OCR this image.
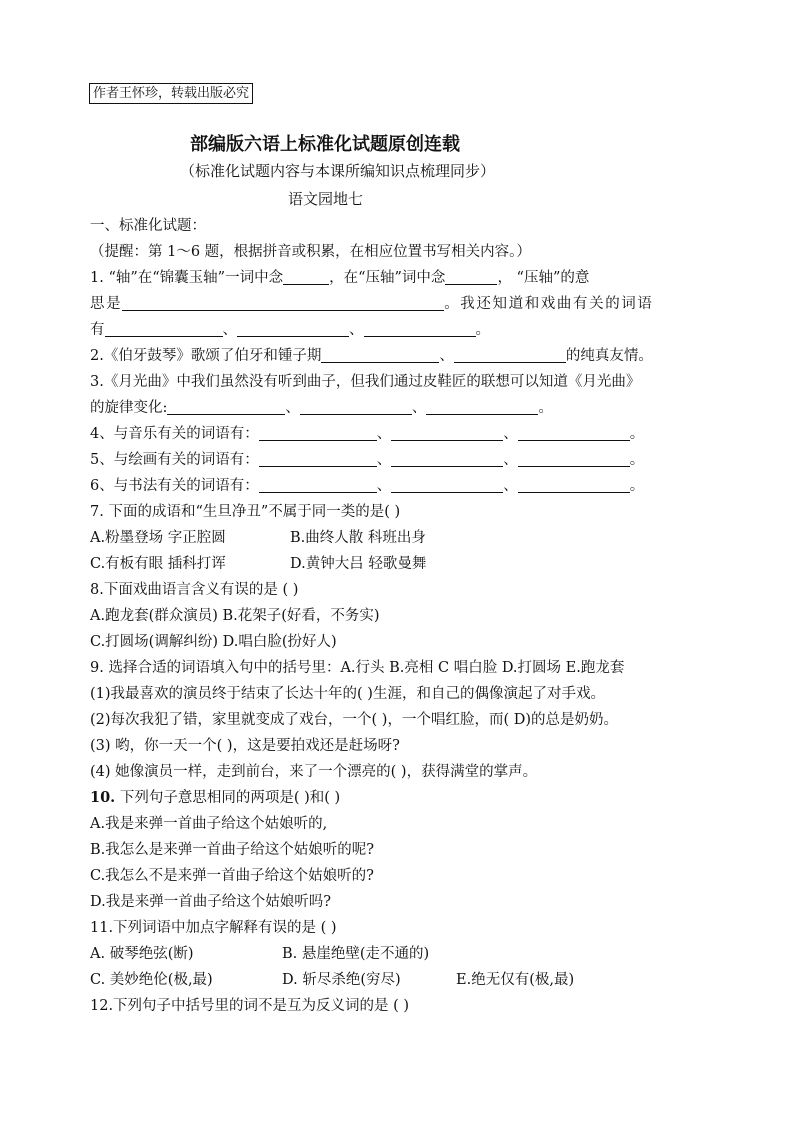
作者王怀珍，转载出版必究
部编版六语上标准化试题原创连载
（标准化试题内容与本课所编知识点梳理同步）
语文园地七
一、标准化试题：
（提醒：第 1～6 题，根据拼音或积累，在相应位置书写相关内容。）
1. “轴”在“锦囊玉轴”一词中念	，在“压轴”词中念	， “压轴”的意
思是	。我还知道和戏曲有关的词语
有	、	、	。
2.《伯牙鼓琴》歌颂了伯牙和锺子期	、	的纯真友情。
3.《月光曲》中我们虽然没有听到曲子，但我们通过皮鞋匠的联想可以知道《月光曲》
的旋律变化:	、	、	。
4、与音乐有关的词语有：	、	、	。
5、与绘画有关的词语有：	、	、	。
6、与书法有关的词语有：	、	、	。
7. 下面的成语和“生旦净丑”不属于同一类的是( )
A.粉墨登场 字正腔圆	B.曲终人散 科班出身
C.有板有眼 插科打诨	D.黄钟大吕 轻歌曼舞
8.下面戏曲语言含义有误的是 ( )
A.跑龙套(群众演员) B.花架子(好看，不务实)
C.打圆场(调解纠纷) D.唱白脸(扮好人)
9. 选择合适的词语填入句中的括号里：A.行头 B.亮相 C 唱白脸 D.打圆场 E.跑龙套
(1)我最喜欢的演员终于结束了长达十年的( )生涯，和自己的偶像演起了对手戏。
(2)每次我犯了错，家里就变成了戏台，一个( )，一个唱红脸，而( D)的总是奶奶。
(3) 哟，你一天一个( )，这是要拍戏还是赶场呀?
(4) 她像演员一样，走到前台，来了一个漂亮的( )，获得满堂的掌声。
10. 下列句子意思相同的两项是( )和( )
A.我是来弹一首曲子给这个姑娘听的,
B.我怎么是来弹一首曲子给这个姑娘听的呢?
C.我怎么不是来弹一首曲子给这个姑娘听的?
D.我是来弹一首曲子给这个姑娘听吗?
11.下列词语中加点字解释有误的是 ( )
A. 破琴绝弦(断)	B. 悬崖绝壁(走不通的)
C. 美妙绝伦(极,最)	D. 斩尽杀绝(穷尽)	E.绝无仅有(极,最)
12.下列句子中括号里的词不是互为反义词的是 ( )
